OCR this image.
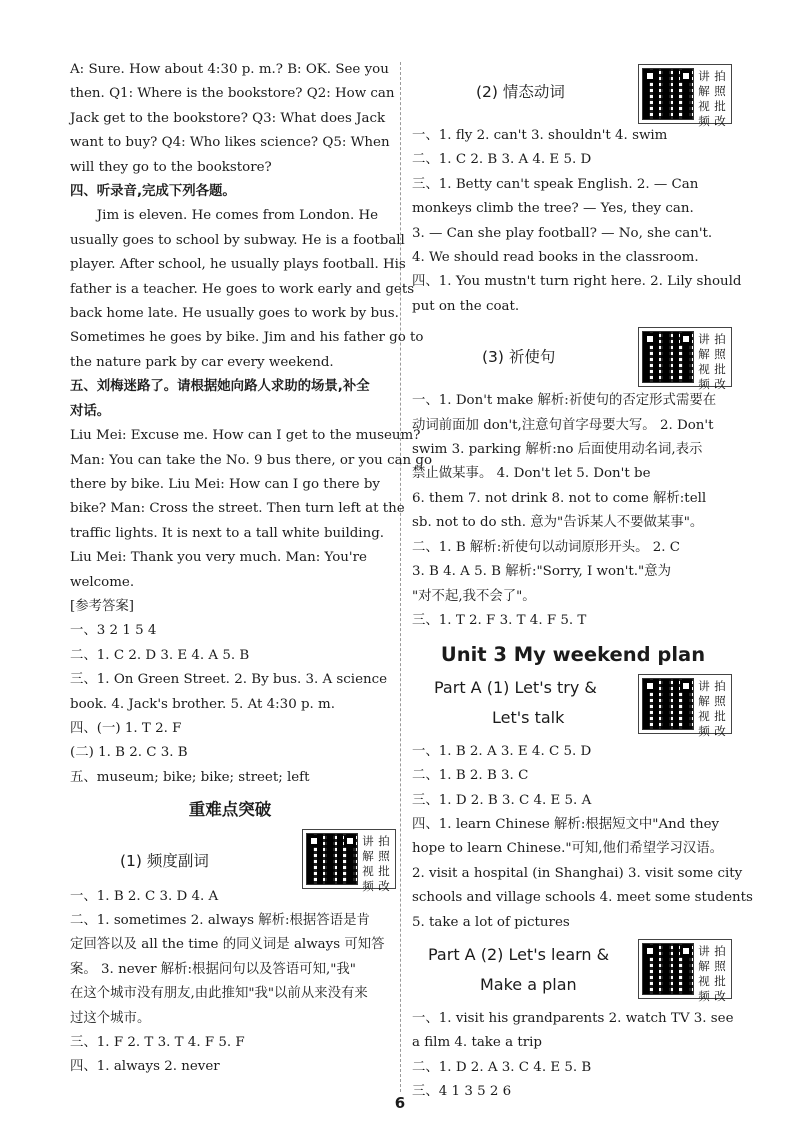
A: Sure. How about 4:30 p. m.? B: OK. See you
then. Q1: Where is the bookstore? Q2: How can
Jack get to the bookstore? Q3: What does Jack
want to buy? Q4: Who likes science? Q5: When
will they go to the bookstore?
四、听录音,完成下列各题。
Jim is eleven. He comes from London. He
usually goes to school by subway. He is a football
player. After school, he usually plays football. His
father is a teacher. He goes to work early and gets
back home late. He usually goes to work by bus.
Sometimes he goes by bike. Jim and his father go to
the nature park by car every weekend.
五、刘梅迷路了。请根据她向路人求助的场景,补全
对话。
Liu Mei: Excuse me. How can I get to the museum?
Man: You can take the No. 9 bus there, or you can go
there by bike. Liu Mei: How can I go there by
bike? Man: Cross the street. Then turn left at the
traffic lights. It is next to a tall white building.
Liu Mei: Thank you very much. Man: You're
welcome.
[参考答案]
一、3 2 1 5 4
二、1. C 2. D 3. E 4. A 5. B
三、1. On Green Street. 2. By bus. 3. A science
book. 4. Jack's brother. 5. At 4:30 p. m.
四、(一) 1. T 2. F
(二) 1. B 2. C 3. B
五、museum; bike; bike; street; left
重难点突破
(1) 频度副词
讲 拍
解 照
视 批
频 改
一、1. B 2. C 3. D 4. A
二、1. sometimes 2. always 解析:根据答语是肯
定回答以及 all the time 的同义词是 always 可知答
案。 3. never 解析:根据问句以及答语可知,"我"
在这个城市没有朋友,由此推知"我"以前从来没有来
过这个城市。
三、1. F 2. T 3. T 4. F 5. F
四、1. always 2. never
(2) 情态动词
讲 拍
解 照
视 批
频 改
一、1. fly 2. can't 3. shouldn't 4. swim
二、1. C 2. B 3. A 4. E 5. D
三、1. Betty can't speak English. 2. — Can
monkeys climb the tree? — Yes, they can.
3. — Can she play football? — No, she can't.
4. We should read books in the classroom.
四、1. You mustn't turn right here. 2. Lily should
put on the coat.
(3) 祈使句
讲 拍
解 照
视 批
频 改
一、1. Don't make 解析:祈使句的否定形式需要在
动词前面加 don't,注意句首字母要大写。 2. Don't
swim 3. parking 解析:no 后面使用动名词,表示
禁止做某事。 4. Don't let 5. Don't be
6. them 7. not drink 8. not to come 解析:tell
sb. not to do sth. 意为"告诉某人不要做某事"。
二、1. B 解析:祈使句以动词原形开头。 2. C
3. B 4. A 5. B 解析:"Sorry, I won't."意为
"对不起,我不会了"。
三、1. T 2. F 3. T 4. F 5. T
Unit 3 My weekend plan
Part A (1) Let's try &
Let's talk
讲 拍
解 照
视 批
频 改
一、1. B 2. A 3. E 4. C 5. D
二、1. B 2. B 3. C
三、1. D 2. B 3. C 4. E 5. A
四、1. learn Chinese 解析:根据短文中"And they
hope to learn Chinese."可知,他们希望学习汉语。
2. visit a hospital (in Shanghai) 3. visit some city
schools and village schools 4. meet some students
5. take a lot of pictures
Part A (2) Let's learn &
Make a plan
讲 拍
解 照
视 批
频 改
一、1. visit his grandparents 2. watch TV 3. see
a film 4. take a trip
二、1. D 2. A 3. C 4. E 5. B
三、4 1 3 5 2 6
6
